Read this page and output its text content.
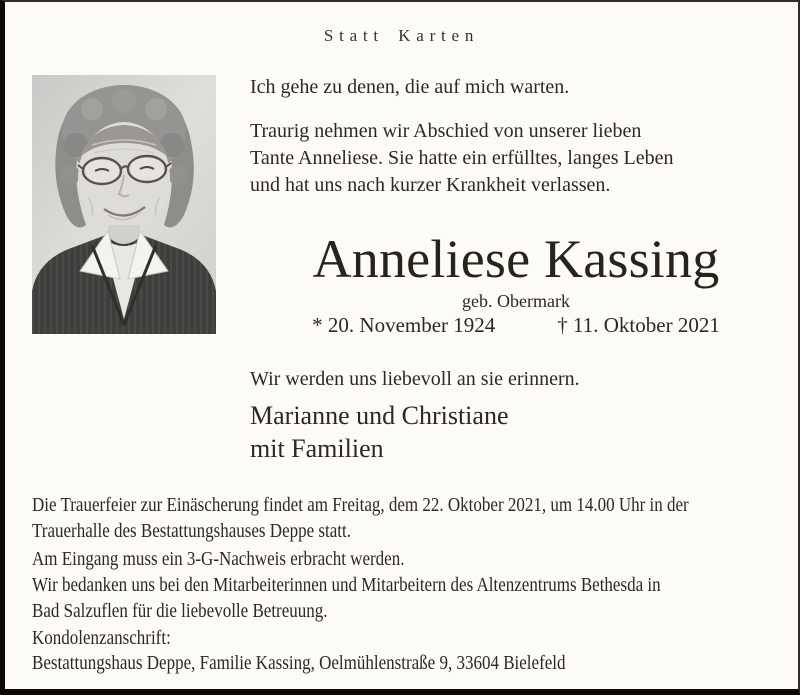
Statt Karten

Ich gehe zu denen, die auf mich warten.

Traurig nehmen wir Abschied von unserer lieben
Tante Anneliese. Sie hatte ein erfülltes, langes Leben
und hat uns nach kurzer Krankheit verlassen.

Anneliese Kassing
geb. Obermark
* 20. November 1924	† 11. Oktober 2021

Wir werden uns liebevoll an sie erinnern.

Marianne und Christiane
mit Familien

Die Trauerfeier zur Einäscherung findet am Freitag, dem 22. Oktober 2021, um 14.00 Uhr in der
Trauerhalle des Bestattungshauses Deppe statt.

Am Eingang muss ein 3-G-Nachweis erbracht werden.

Wir bedanken uns bei den Mitarbeiterinnen und Mitarbeitern des Altenzentrums Bethesda in
Bad Salzuflen für die liebevolle Betreuung.

Kondolenzanschrift:

Bestattungshaus Deppe, Familie Kassing, Oelmühlenstraße 9, 33604 Bielefeld
